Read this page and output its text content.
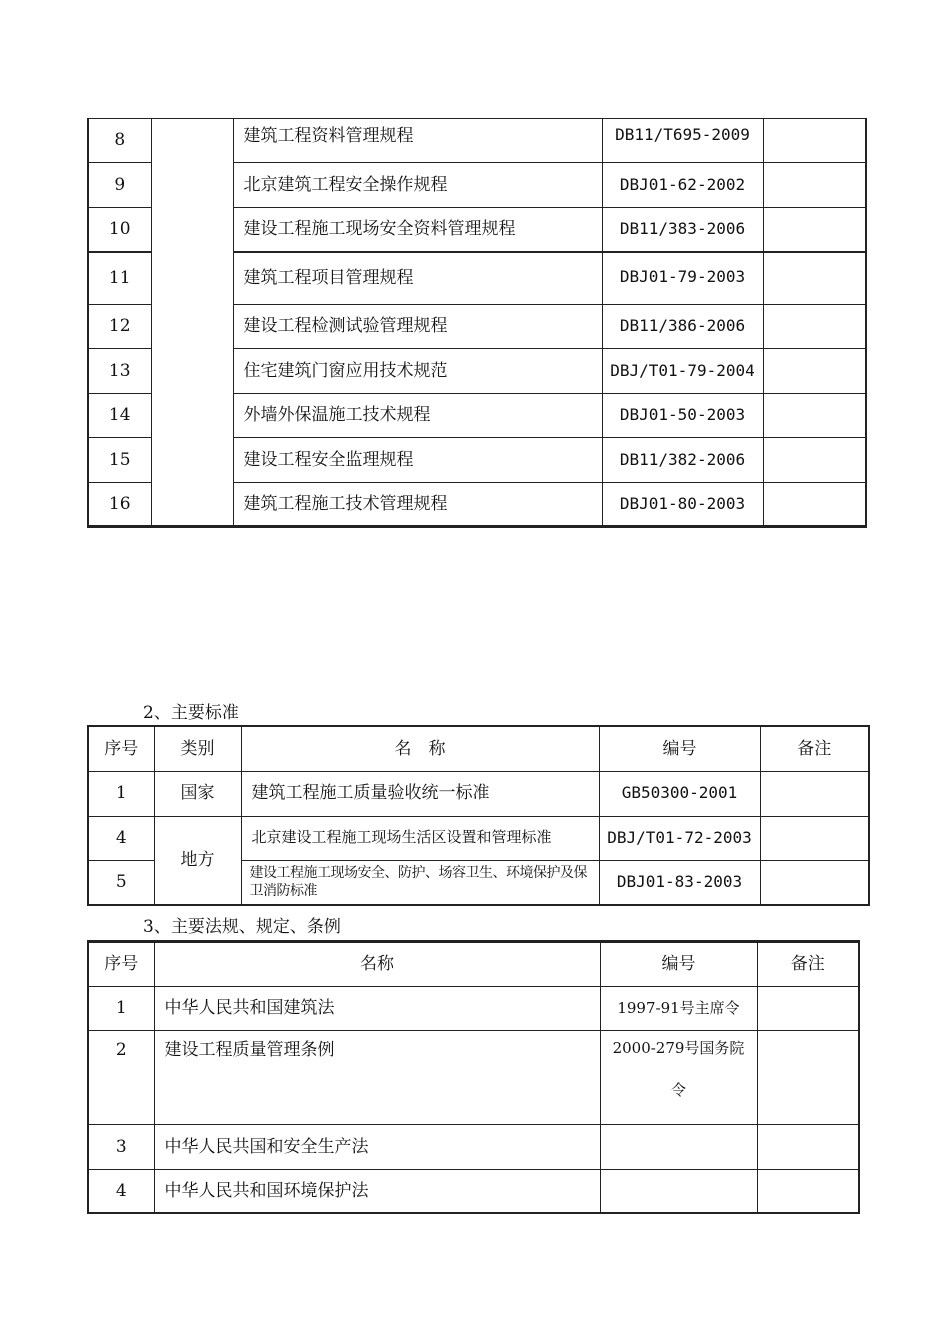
8		建筑工程资料管理规程	DB11/T695-2009	
9		北京建筑工程安全操作规程	DBJ01-62-2002	
10		建设工程施工现场安全资料管理规程	DB11/383-2006	
11		建筑工程项目管理规程	DBJ01-79-2003	
12		建设工程检测试验管理规程	DB11/386-2006	
13		住宅建筑门窗应用技术规范	DBJ/T01-79-2004	
14		外墙外保温施工技术规程	DBJ01-50-2003	
15		建设工程安全监理规程	DB11/382-2006	
16		建筑工程施工技术管理规程	DBJ01-80-2003	
2、主要标准
序号	类别	名　称	编号	备注
1	国家	建筑工程施工质量验收统一标准	GB50300-2001	
4	地方	北京建设工程施工现场生活区设置和管理标准	DBJ/T01-72-2003	
5		建设工程施工现场安全、防护、场容卫生、环境保护及保卫消防标准	DBJ01-83-2003	
3、主要法规、规定、条例
序号	名称	编号	备注
1	中华人民共和国建筑法	1997-91号主席令	
2	建设工程质量管理条例	2000-279号国务院
令	

3	中华人民共国和安全生产法		
4	中华人民共和国环境保护法		
